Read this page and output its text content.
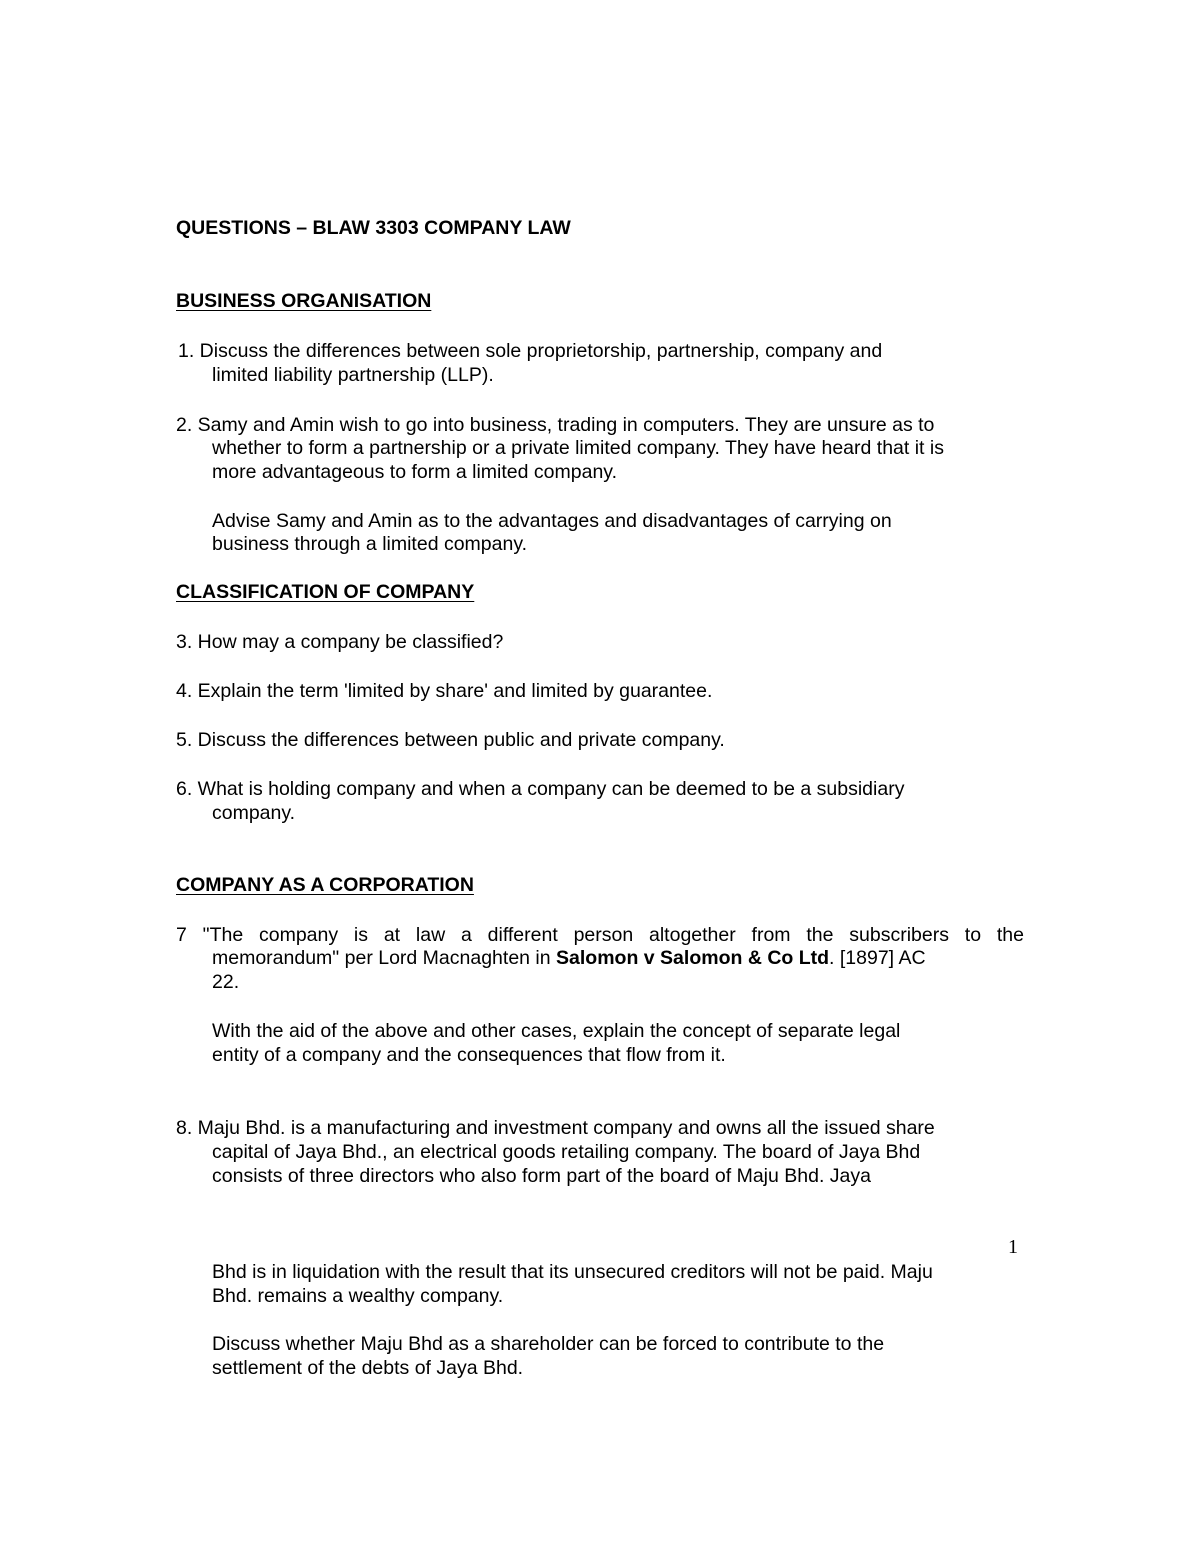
QUESTIONS – BLAW 3303 COMPANY LAW
BUSINESS ORGANISATION
1. Discuss the differences between sole proprietorship, partnership, company and
limited liability partnership (LLP).
2. Samy and Amin wish to go into business, trading in computers. They are unsure as to
whether to form a partnership or a private limited company. They have heard that it is
more advantageous to form a limited company.
Advise Samy and Amin as to the advantages and disadvantages of carrying on
business through a limited company.
CLASSIFICATION OF COMPANY
3. How may a company be classified?
4. Explain the term 'limited by share' and limited by guarantee.
5. Discuss the differences between public and private company.
6. What is holding company and when a company can be deemed to be a subsidiary
company.
COMPANY AS A CORPORATION
7 "The company is at law a different person altogether from the subscribers to the
memorandum" per Lord Macnaghten in Salomon v Salomon & Co Ltd. [1897] AC
22.
With the aid of the above and other cases, explain the concept of separate legal
entity of a company and the consequences that flow from it.
8. Maju Bhd. is a manufacturing and investment company and owns all the issued share
capital of Jaya Bhd., an electrical goods retailing company. The board of Jaya Bhd
consists of three directors who also form part of the board of Maju Bhd. Jaya
1
Bhd is in liquidation with the result that its unsecured creditors will not be paid. Maju
Bhd. remains a wealthy company.
Discuss whether Maju Bhd as a shareholder can be forced to contribute to the
settlement of the debts of Jaya Bhd.
